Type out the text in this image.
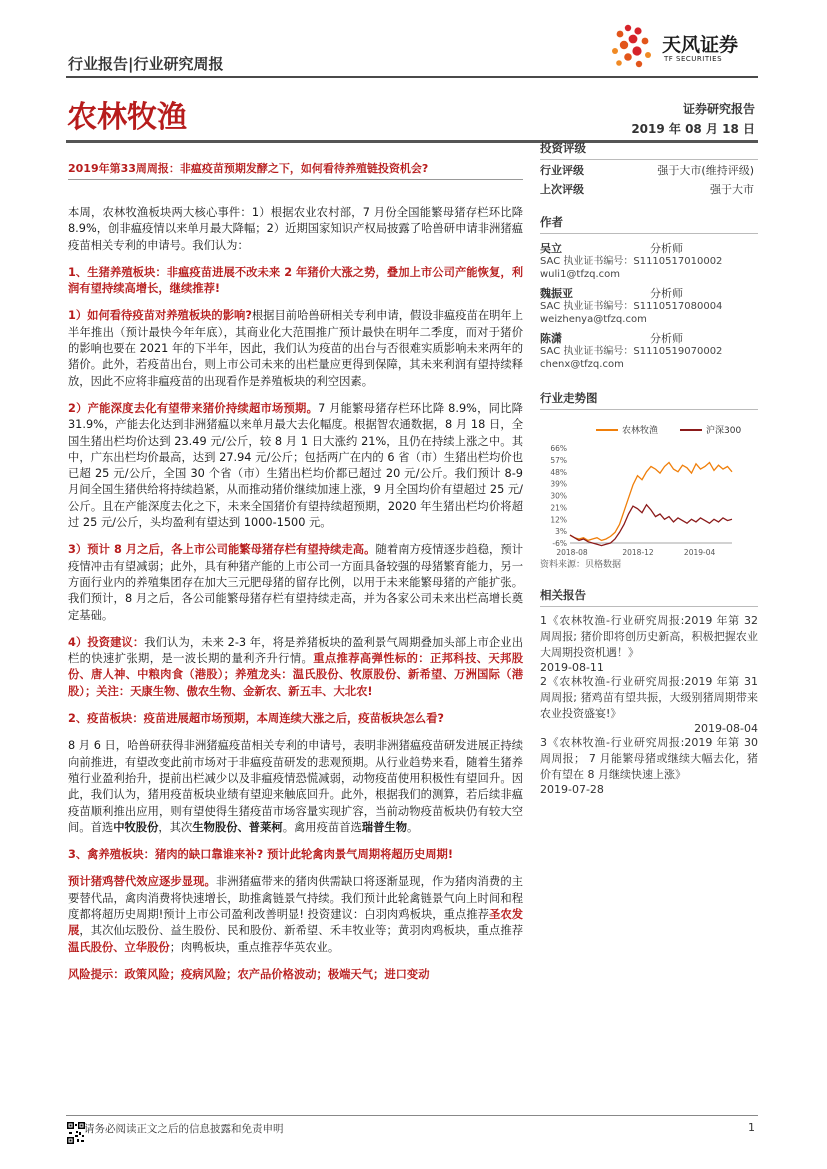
天风证券
TF SECURITIES
行业报告|行业研究周报
农林牧渔	证券研究报告
2019 年 08 月 18 日
2019年第33周周报：非瘟疫苗预期发酵之下，如何看待养殖链投资机会?

本周，农林牧渔板块两大核心事件：1）根据农业农村部，7 月份全国能繁母猪存栏环比降 8.9%，创非瘟疫情以来单月最大降幅；2）近期国家知识产权局披露了哈兽研申请非洲猪瘟疫苗相关专利的申请号。我们认为：

1、生猪养殖板块：非瘟疫苗进展不改未来 2 年猪价大涨之势，叠加上市公司产能恢复，利润有望持续高增长，继续推荐!

1）如何看待疫苗对养殖板块的影响?根据目前哈兽研相关专利申请，假设非瘟疫苗在明年上半年推出（预计最快今年年底），其商业化大范围推广预计最快在明年二季度，而对于猪价的影响也要在 2021 年的下半年，因此，我们认为疫苗的出台与否很难实质影响未来两年的猪价。此外，若疫苗出台，则上市公司未来的出栏量应更得到保障，其未来利润有望持续释放，因此不应将非瘟疫苗的出现看作是养殖板块的利空因素。

2）产能深度去化有望带来猪价持续超市场预期。7 月能繁母猪存栏环比降 8.9%，同比降 31.9%，产能去化达到非洲猪瘟以来单月最大去化幅度。根据智农通数据，8 月 18 日，全国生猪出栏均价达到 23.49 元/公斤，较 8 月 1 日大涨约 21%，且仍在持续上涨之中。其中，广东出栏均价最高，达到 27.94 元/公斤；包括两广在内的 6 省（市）生猪出栏均价也已超 25 元/公斤，全国 30 个省（市）生猪出栏均价都已超过 20 元/公斤。我们预计 8-9 月间全国生猪供给将持续趋紧，从而推动猪价继续加速上涨，9 月全国均价有望超过 25 元/公斤。且在产能深度去化之下，未来全国猪价有望持续超预期，2020 年生猪出栏均价将超过 25 元/公斤，头均盈利有望达到 1000-1500 元。

3）预计 8 月之后，各上市公司能繁母猪存栏有望持续走高。随着南方疫情逐步趋稳，预计疫情冲击有望减弱；此外，具有种猪产能的上市公司一方面具备较强的母猪繁育能力，另一方面行业内的养殖集团存在加大三元肥母猪的留存比例，以用于未来能繁母猪的产能扩张。我们预计，8 月之后，各公司能繁母猪存栏有望持续走高，并为各家公司未来出栏高增长奠定基础。

4）投资建议：我们认为，未来 2-3 年，将是养猪板块的盈利景气周期叠加头部上市企业出栏的快速扩张期，是一波长期的量利齐升行情。重点推荐高弹性标的：正邦科技、天邦股份、唐人神、中粮肉食（港股）；养殖龙头：温氏股份、牧原股份、新希望、万洲国际（港股）；关注：天康生物、傲农生物、金新农、新五丰、大北农!

2、疫苗板块：疫苗进展超市场预期，本周连续大涨之后，疫苗板块怎么看?

8 月 6 日，哈兽研获得非洲猪瘟疫苗相关专利的申请号，表明非洲猪瘟疫苗研发进展正持续向前推进，有望改变此前市场对于非瘟疫苗研发的悲观预期。从行业趋势来看，随着生猪养殖行业盈利抬升，提前出栏减少以及非瘟疫情恐慌减弱，动物疫苗使用积极性有望回升。因此，我们认为，猪用疫苗板块业绩有望迎来触底回升。此外，根据我们的测算，若后续非瘟疫苗顺利推出应用，则有望使得生猪疫苗市场容量实现扩容，当前动物疫苗板块仍有较大空间。首选中牧股份，其次生物股份、普莱柯。禽用疫苗首选瑞普生物。

3、禽养殖板块：猪肉的缺口靠谁来补? 预计此轮禽肉景气周期将超历史周期!

预计猪鸡替代效应逐步显现。非洲猪瘟带来的猪肉供需缺口将逐渐显现，作为猪肉消费的主要替代品，禽肉消费将快速增长，助推禽链景气持续。我们预计此轮禽链景气向上时间和程度都将超历史周期!预计上市公司盈利改善明显! 投资建议：白羽肉鸡板块，重点推荐圣农发展，其次仙坛股份、益生股份、民和股份、新希望、禾丰牧业等；黄羽肉鸡板块，重点推荐温氏股份、立华股份；肉鸭板块，重点推荐华英农业。

风险提示：政策风险；疫病风险；农产品价格波动；极端天气；进口变动

投资评级
行业评级	强于大市(维持评级)
上次评级	强于大市
作者
吴立	分析师
SAC 执业证书编号：S1110517010002
wuli1@tfzq.com
魏振亚	分析师
SAC 执业证书编号：S1110517080004
weizhenya@tfzq.com
陈潇	分析师
SAC 执业证书编号：S1110519070002
chenx@tfzq.com
行业走势图
农林牧渔	沪深300
66%
57%
48%
39%
30%
21%
12%
3%
-6%
2018-08	2018-12	2019-04
资料来源：贝格数据
相关报告
1《农林牧渔-行业研究周报:2019 年第 32 周周报; 猪价即将创历史新高，积极把握农业大周期投资机遇！》
2019-08-11
2《农林牧渔-行业研究周报:2019 年第 31 周周报; 猪鸡苗有望共振，大级别猪周期带来农业投资盛宴!》
2019-08-04
3《农林牧渔-行业研究周报:2019 年第 30 周周报； 7 月能繁母猪或继续大幅去化，猪价有望在 8 月继续快速上涨》
2019-07-28
请务必阅读正文之后的信息披露和免责申明	1
